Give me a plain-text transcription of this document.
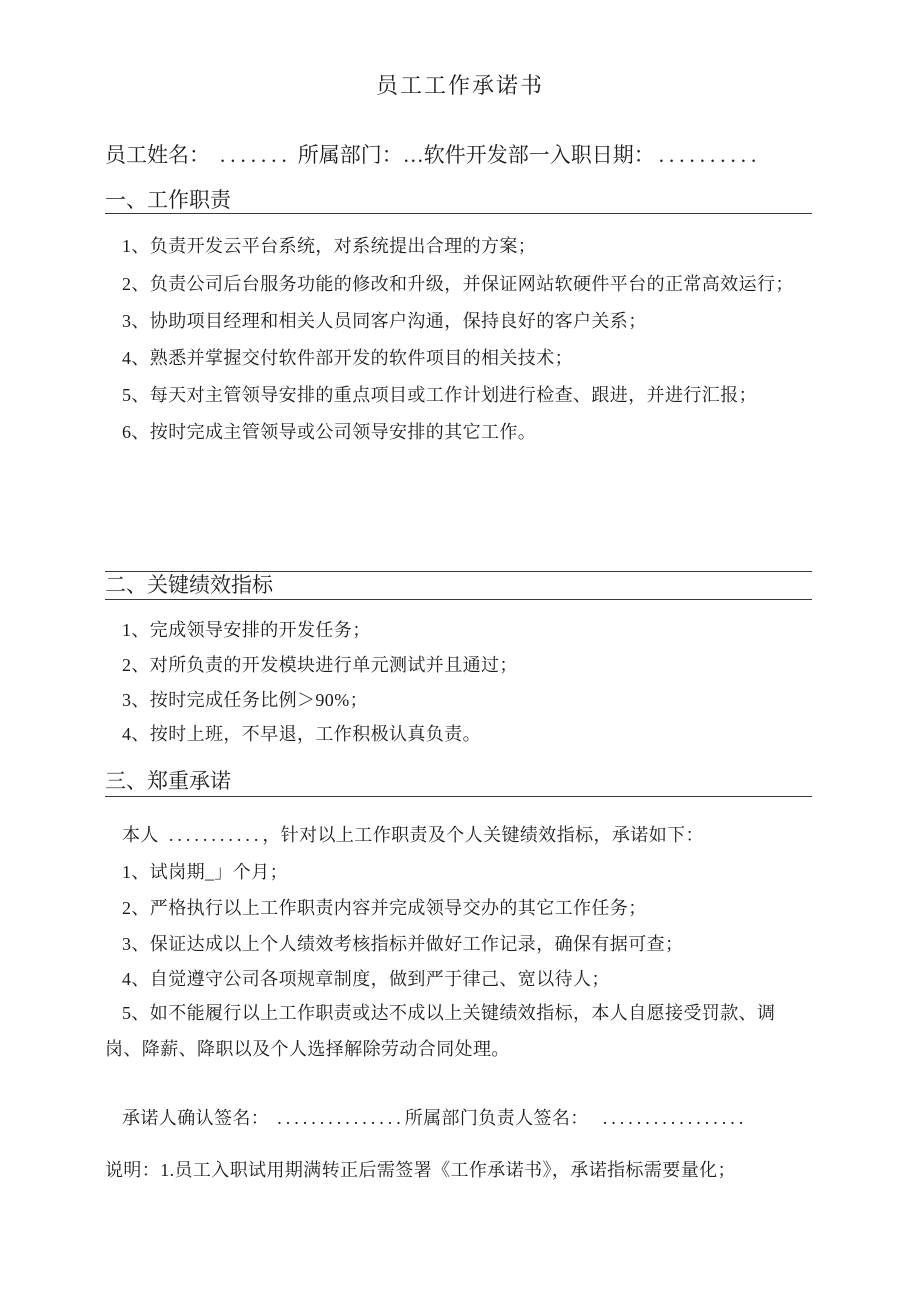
员工工作承诺书
员工姓名： ....... 所属部门：…软件开发部一入职日期： ..........
一、工作职责
1、负责开发云平台系统，对系统提出合理的方案；
2、负责公司后台服务功能的修改和升级，并保证网站软硬件平台的正常高效运行；
3、协助项目经理和相关人员同客户沟通，保持良好的客户关系；
4、熟悉并掌握交付软件部开发的软件项目的相关技术；
5、每天对主管领导安排的重点项目或工作计划进行检查、跟进，并进行汇报；
6、按时完成主管领导或公司领导安排的其它工作。
二、关键绩效指标
1、完成领导安排的开发任务；
2、对所负责的开发模块进行单元测试并且通过；
3、按时完成任务比例＞90%；
4、按时上班，不早退，工作积极认真负责。
三、郑重承诺
本人 ...........，针对以上工作职责及个人关键绩效指标，承诺如下：
1、试岗期_」个月；
2、严格执行以上工作职责内容并完成领导交办的其它工作任务；
3、保证达成以上个人绩效考核指标并做好工作记录，确保有据可查；
4、自觉遵守公司各项规章制度，做到严于律己、宽以待人；
5、如不能履行以上工作职责或达不成以上关键绩效指标，本人自愿接受罚款、调
岗、降薪、降职以及个人选择解除劳动合同处理。
承诺人确认签名： ...............所属部门负责人签名： .................
说明：1.员工入职试用期满转正后需签署《工作承诺书》，承诺指标需要量化；
